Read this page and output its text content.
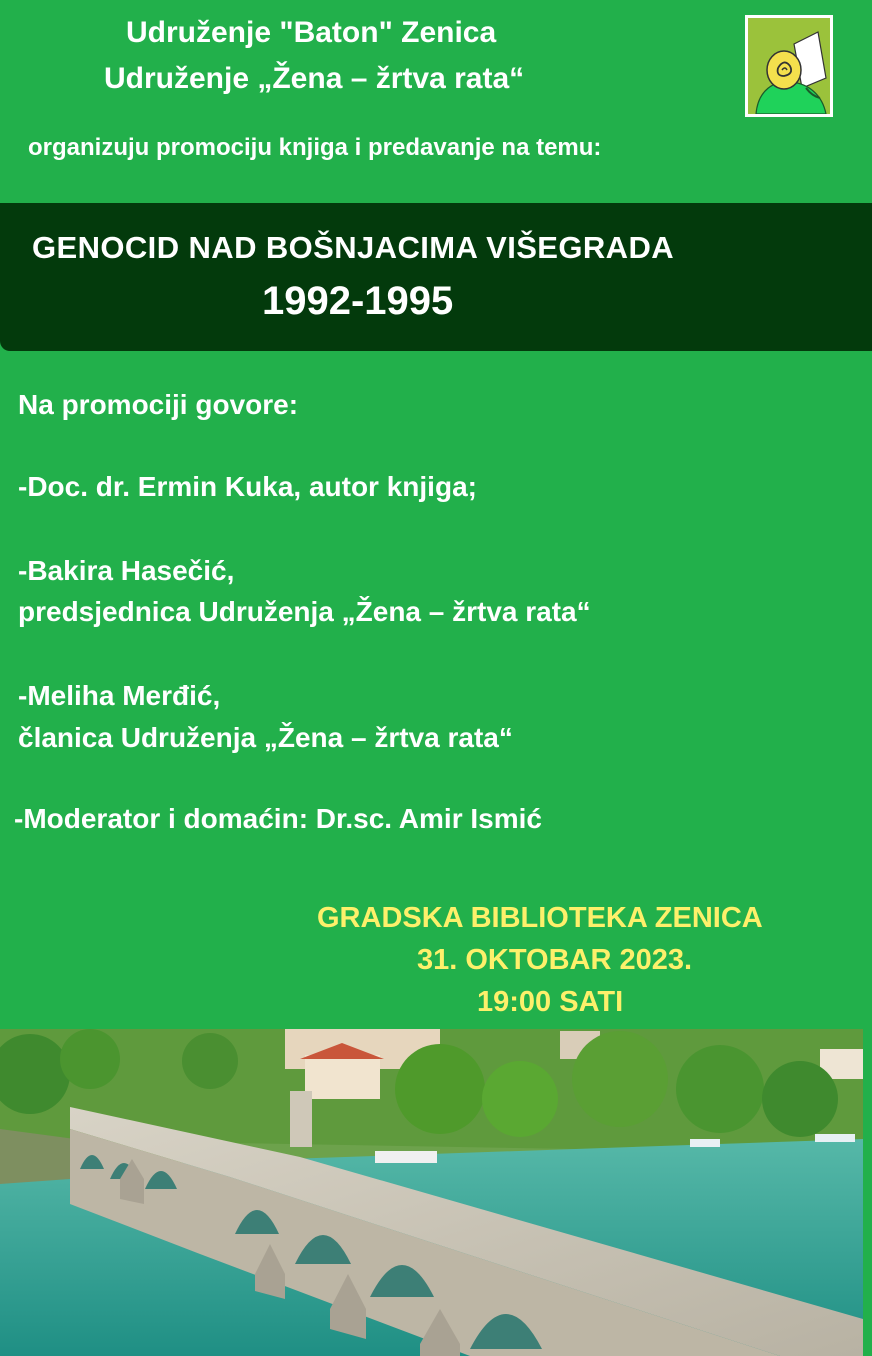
Udruženje "Baton" Zenica
Udruženje „Žena – žrtva rata“
organizuju promociju knjiga i predavanje na temu:
GENOCID NAD BOŠNJACIMA VIŠEGRADA
1992-1995
Na promociji govore:
-Doc. dr. Ermin Kuka, autor knjiga;
-Bakira Hasečić,
predsjednica Udruženja „Žena – žrtva rata“
-Meliha Merđić,
članica Udruženja „Žena – žrtva rata“
-Moderator i domaćin: Dr.sc. Amir Ismić
GRADSKA BIBLIOTEKA ZENICA
31. OKTOBAR 2023.
19:00 SATI
